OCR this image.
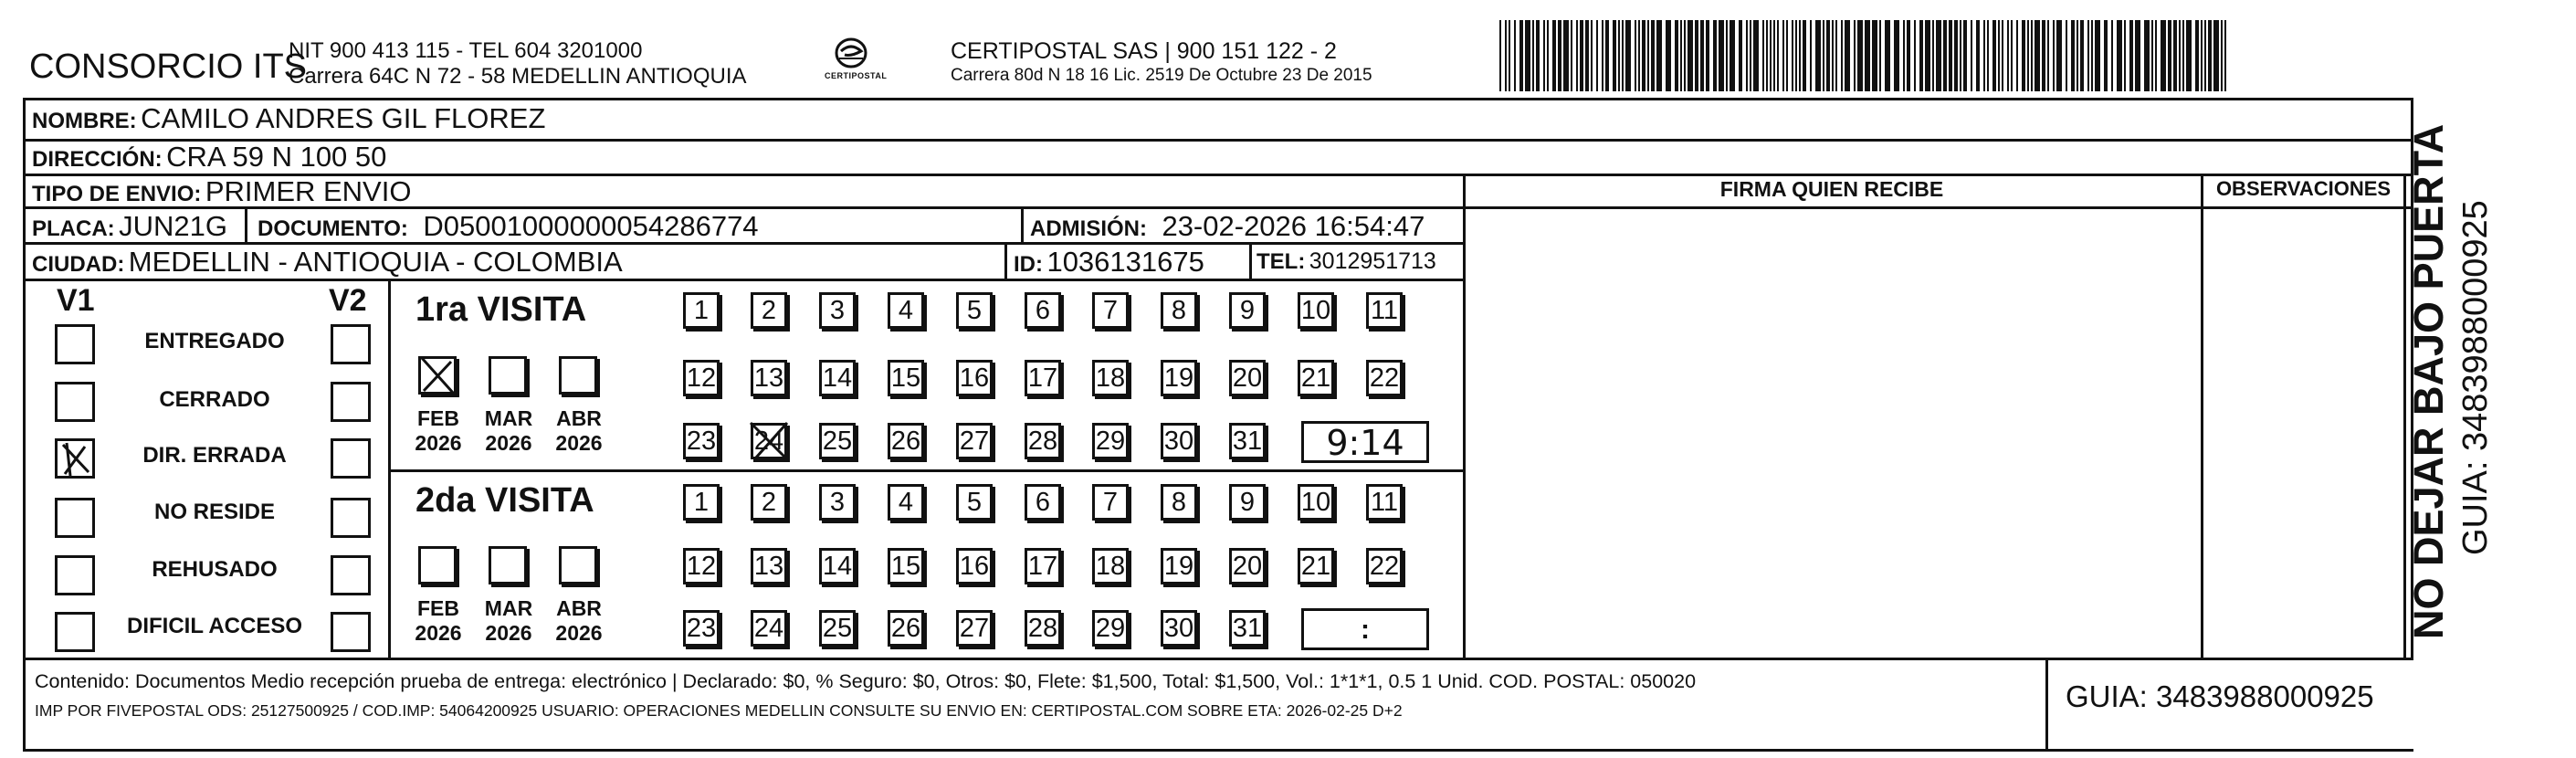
CONSORCIO ITS
NIT 900 413 115 - TEL 604 3201000
Carrera 64C N 72 - 58 MEDELLIN ANTIOQUIA	CERTIPOSTAL
CERTIPOSTAL SAS | 900 151 122 - 2
Carrera 80d N 18 16 Lic. 2519 De Octubre 23 De 2015
NOMBRE: CAMILO ANDRES GIL FLOREZ
DIRECCIÓN: CRA 59 N 100 50
TIPO DE ENVIO: PRIMER ENVIO
PLACA: JUN21G DOCUMENTO: D05001000000054286774	ADMISIÓN: 23-02-2026 16:54:47
CIUDAD: MEDELLIN - ANTIOQUIA - COLOMBIA	ID: 1036131675 TEL: 3012951713
FIRMA QUIEN RECIBE	OBSERVACIONES
V1	V2
ENTREGADO
CERRADO
DIR. ERRADA
NO RESIDE
REHUSADO
DIFICIL ACCESO
1ra VISITA
2da VISITA
FEB
2026
MAR
2026
ABR
2026
1	2	3	4	5	6	7	8	9	10 11
12 13 14 15 16 17 18 19 20 21 22
23 24 25 26 27 28 29 30 31	9:14
FEB
2026
MAR
2026
ABR
2026
1	2	3	4	5	6	7	8	9	10 11
12 13 14 15 16 17 18 19 20 21 22
23 24 25 26 27 28 29 30 31	:	NO DEJAR BAJO PUERTA GUIA: 3483988000925
Contenido: Documentos Medio recepción prueba de entrega: electrónico | Declarado: $0, % Seguro: $0, Otros: $0, Flete: $1,500, Total: $1,500, Vol.: 1*1*1, 0.5 1 Unid. COD. POSTAL: 050020
IMP POR FIVEPOSTAL ODS: 25127500925 / COD.IMP: 54064200925 USUARIO: OPERACIONES MEDELLIN CONSULTE SU ENVIO EN: CERTIPOSTAL.COM SOBRE ETA: 2026-02-25 D+2	GUIA: 3483988000925
